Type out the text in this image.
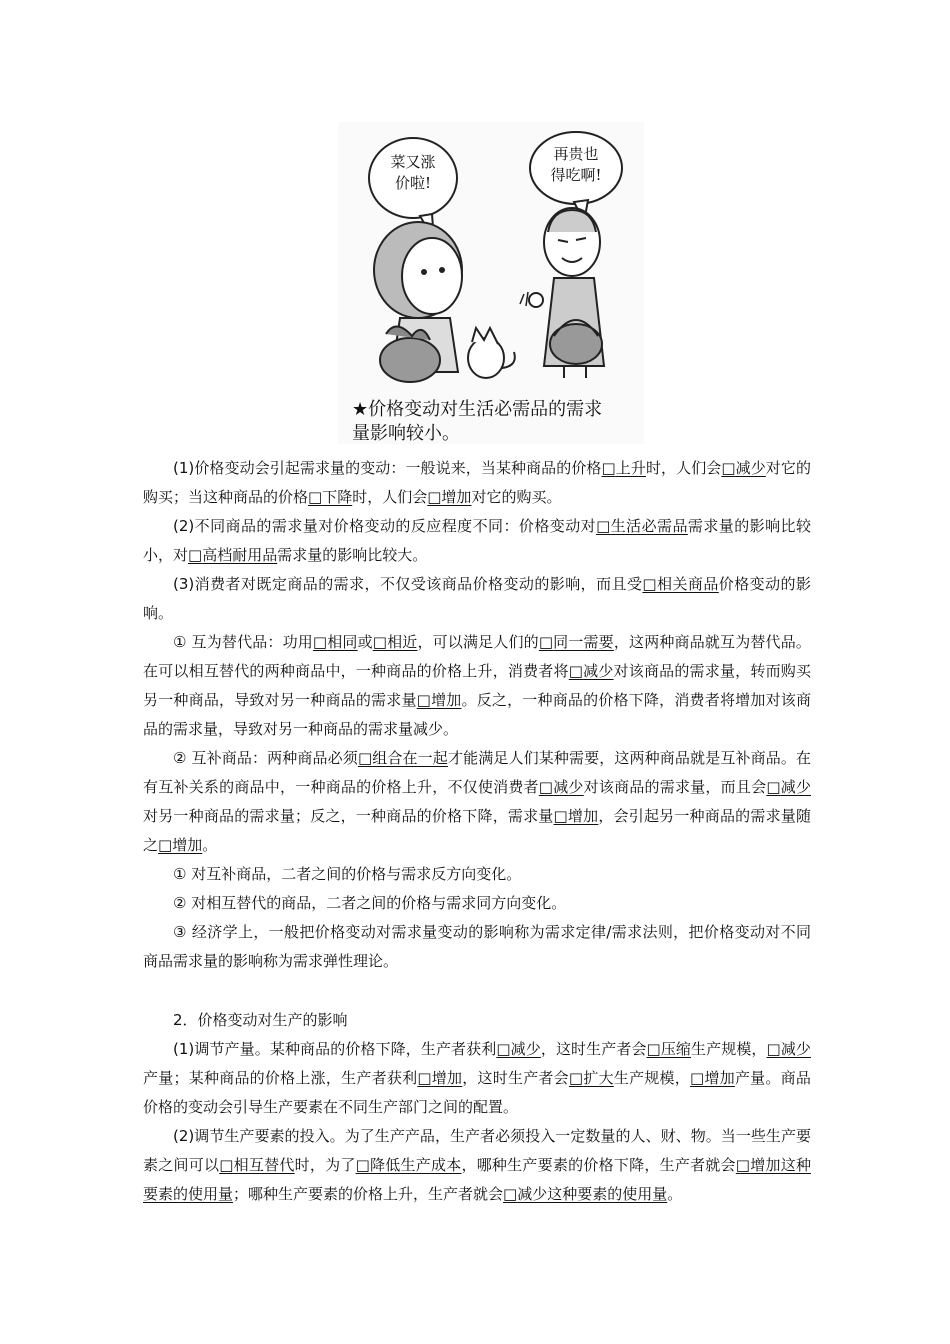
菜又涨
价啦!
再贵也
得吃啊!
★价格变动对生活必需品的需求
量影响较小。

(1)价格变动会引起需求量的变动：一般说来，当某种商品的价格 □ 上升时，人们会 □ 减少对它的购买；当这种商品的价格 □ 下降时，人们会 □ 增加对它的购买。

(2)不同商品的需求量对价格变动的反应程度不同：价格变动对 □ 生活必需品需求量的影响比较小，对 □ 高档耐用品需求量的影响比较大。

(3)消费者对既定商品的需求，不仅受该商品价格变动的影响，而且受 □ 相关商品价格变动的影响。

① 互为替代品：功用 □ 相同或 □ 相近，可以满足人们的 □ 同一需要，这两种商品就互为替代品。在可以相互替代的两种商品中，一种商品的价格上升，消费者将 □ 减少对该商品的需求量，转而购买另一种商品，导致对另一种商品的需求量 □ 增加。反之，一种商品的价格下降，消费者将增加对该商品的需求量，导致对另一种商品的需求量减少。

② 互补商品：两种商品必须 □ 组合在一起才能满足人们某种需要，这两种商品就是互补商品。在有互补关系的商品中，一种商品的价格上升，不仅使消费者 □ 减少对该商品的需求量，而且会 □ 减少对另一种商品的需求量；反之，一种商品的价格下降，需求量 □ 增加，会引起另一种商品的需求量随之 □ 增加。

① 对互补商品，二者之间的价格与需求反方向变化。

② 对相互替代的商品，二者之间的价格与需求同方向变化。

③ 经济学上，一般把价格变动对需求量变动的影响称为需求定律/需求法则，把价格变动对不同商品需求量的影响称为需求弹性理论。

2．价格变动对生产的影响

(1)调节产量。某种商品的价格下降，生产者获利 □ 减少，这时生产者会 □ 压缩生产规模， □ 减少产量；某种商品的价格上涨，生产者获利 □ 增加，这时生产者会 □ 扩大生产规模， □ 增加产量。商品价格的变动会引导生产要素在不同生产部门之间的配置。

(2)调节生产要素的投入。为了生产产品，生产者必须投入一定数量的人、财、物。当一些生产要素之间可以 □ 相互替代时，为了 □ 降低生产成本，哪种生产要素的价格下降，生产者就会 □ 增加这种要素的使用量；哪种生产要素的价格上升，生产者就会 □ 减少这种要素的使用量。
